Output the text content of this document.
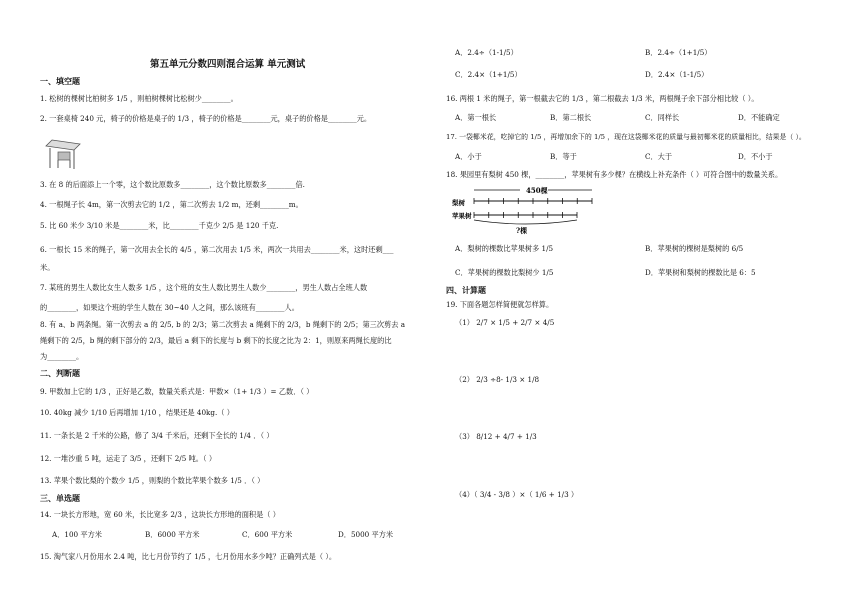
第五单元分数四则混合运算 单元测试
一、填空题
1. 松树的棵树比柏树多 1/5 ，则柏树棵树比松树少________。
2. 一套桌椅 240 元，椅子的价格是桌子的 1/3 ，椅子的价格是________元，桌子的价格是________元。
3. 在 8 的后面添上一个零，这个数比原数多________，这个数比原数多________倍.
4. 一根绳子长 4m，第一次剪去它的 1/2 ，第二次剪去 1/2 m，还剩________m。
5. 比 60 米少 3/10 米是________米，比________千克少 2/5 是 120 千克.
6. 一根长 15 米的绳子，第一次用去全长的 4/5 ，第二次用去 1/5 米，两次一共用去________米，这时还剩___
米。
7. 某班的男生人数比女生人数多 1/5 ，这个班的女生人数比男生人数少________，男生人数占全班人数
的________，如果这个班的学生人数在 30~40 人之间，那么该班有________人。
8. 有 a、b 两条绳。第一次剪去 a 的 2/5, b 的 2/3；第二次剪去 a 绳剩下的 2/3，b 绳剩下的 2/5；第三次剪去 a
绳剩下的 2/5，b 绳的剩下部分的 2/3，最后 a 剩下的长度与 b 剩下的长度之比为 2：1，则原来两绳长度的比
为________。
二、判断题
9. 甲数加上它的 1/3 ，正好是乙数，数量关系式是：甲数×（1+ 1/3 ）= 乙数．（ ）
10. 40kg 减少 1/10 后再增加 1/10 ，结果还是 40kg.（ ）
11. 一条长是 2 千米的公路，修了 3/4 千米后，还剩下全长的 1/4 ．（ ）
12. 一堆沙重 5 吨，运走了 3/5 ，还剩下 2/5 吨。（ ）
13. 苹果个数比梨的个数少 1/5 ，则梨的个数比苹果个数多 1/5 ．（ ）
三、单选题
14. 一块长方形地，宽 60 米，长比宽多 2/3 ，这块长方形地的面积是（ ）
A．100 平方米	B．6000 平方米	C．600 平方米	D．5000 平方米
15. 淘气家八月份用水 2.4 吨，比七月份节约了 1/5 ，七月份用水多少吨？正确列式是（ ）。
A．2.4÷（1-1/5）	B．2.4÷（1+1/5）
C．2.4×（1+1/5）	D．2.4×（1-1/5）
16. 两根 1 米的绳子，第一根截去它的 1/3 ，第二根截去 1/3 米，两根绳子余下部分相比较（ ）。
A．第一根长	B．第二根长	C．同样长	D．不能确定
17. 一袋椰米花，吃掉它的 1/5 ，再增加余下的 1/5 ，现在这袋椰米花的质量与最初椰米花的质量相比，结果是（ ）。
A．小于	B．等于	C．大于	D．不小于
18. 果园里有梨树 450 棵，________，苹果树有多少棵？在横线上补充条件（ ）可符合图中的数量关系。
450棵
梨树
苹果树
?棵
A．梨树的棵数比苹果树多 1/5	B．苹果树的棵树是梨树的 6/5
C．苹果树的棵数比梨树少 1/5	D．苹果树和梨树的棵数比是 6：5
四、计算题
19. 下面各题怎样简便就怎样算。
（1） 2/7 × 1/5 + 2/7 × 4/5
（2） 2/3 ÷8- 1/3 × 1/8
（3） 8/12 + 4/7 + 1/3
（4）（ 3/4 - 3/8 ）×（ 1/6 + 1/3 ）
